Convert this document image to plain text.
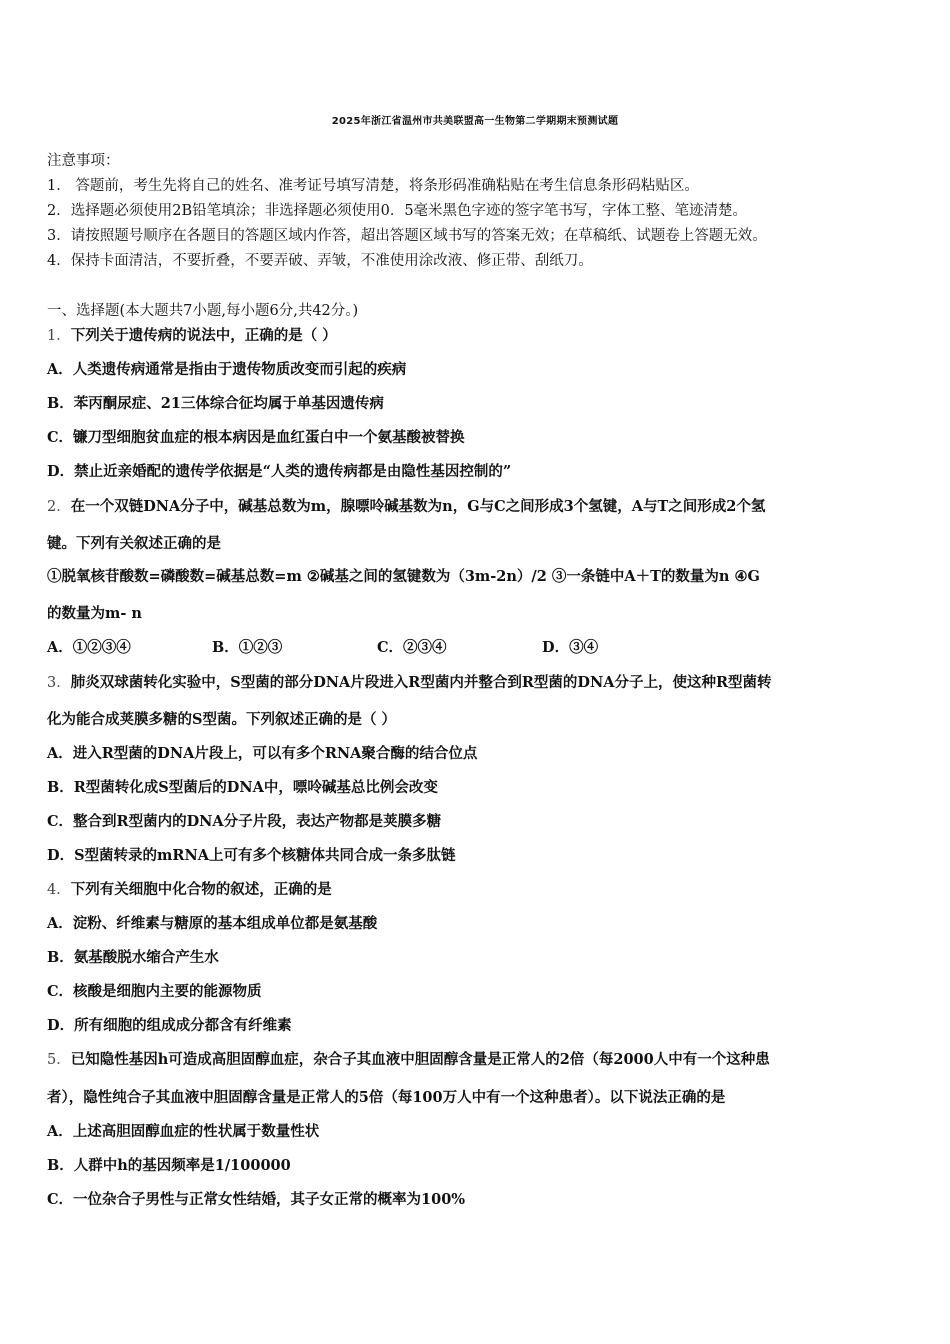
2025年浙江省温州市共美联盟高一生物第二学期期末预测试题
注意事项：
1． 答题前，考生先将自己的姓名、准考证号填写清楚，将条形码准确粘贴在考生信息条形码粘贴区。
2．选择题必须使用2B铅笔填涂；非选择题必须使用0．5毫米黑色字迹的签字笔书写，字体工整、笔迹清楚。
3．请按照题号顺序在各题目的答题区域内作答，超出答题区域书写的答案无效；在草稿纸、试题卷上答题无效。
4．保持卡面清洁，不要折叠，不要弄破、弄皱，不准使用涂改液、修正带、刮纸刀。
一、选择题(本大题共7小题,每小题6分,共42分。)
1．下列关于遗传病的说法中，正确的是（ ）
A．人类遗传病通常是指由于遗传物质改变而引起的疾病
B．苯丙酮尿症、21三体综合征均属于单基因遗传病
C．镰刀型细胞贫血症的根本病因是血红蛋白中一个氨基酸被替换
D．禁止近亲婚配的遗传学依据是“人类的遗传病都是由隐性基因控制的”
2．在一个双链DNA分子中，碱基总数为m，腺嘌呤碱基数为n，G与C之间形成3个氢键，A与T之间形成2个氢
键。下列有关叙述正确的是
①脱氧核苷酸数=磷酸数=碱基总数=m ②碱基之间的氢键数为（3m-2n）/2 ③一条链中A＋T的数量为n ④G
的数量为m- n
A．①②③④	B．①②③	C．②③④	D．③④
3．肺炎双球菌转化实验中，S型菌的部分DNA片段进入R型菌内并整合到R型菌的DNA分子上，使这种R型菌转
化为能合成荚膜多糖的S型菌。下列叙述正确的是（ ）
A．进入R型菌的DNA片段上，可以有多个RNA聚合酶的结合位点
B．R型菌转化成S型菌后的DNA中，嘌呤碱基总比例会改变
C．整合到R型菌内的DNA分子片段，表达产物都是荚膜多糖
D．S型菌转录的mRNA上可有多个核糖体共同合成一条多肽链
4．下列有关细胞中化合物的叙述，正确的是
A．淀粉、纤维素与糖原的基本组成单位都是氨基酸
B．氨基酸脱水缩合产生水
C．核酸是细胞内主要的能源物质
D．所有细胞的组成成分都含有纤维素
5．已知隐性基因h可造成高胆固醇血症，杂合子其血液中胆固醇含量是正常人的2倍（每2000人中有一个这种患
者），隐性纯合子其血液中胆固醇含量是正常人的5倍（每100万人中有一个这种患者）。以下说法正确的是
A．上述高胆固醇血症的性状属于数量性状
B．人群中h的基因频率是1/100000
C．一位杂合子男性与正常女性结婚，其子女正常的概率为100%
